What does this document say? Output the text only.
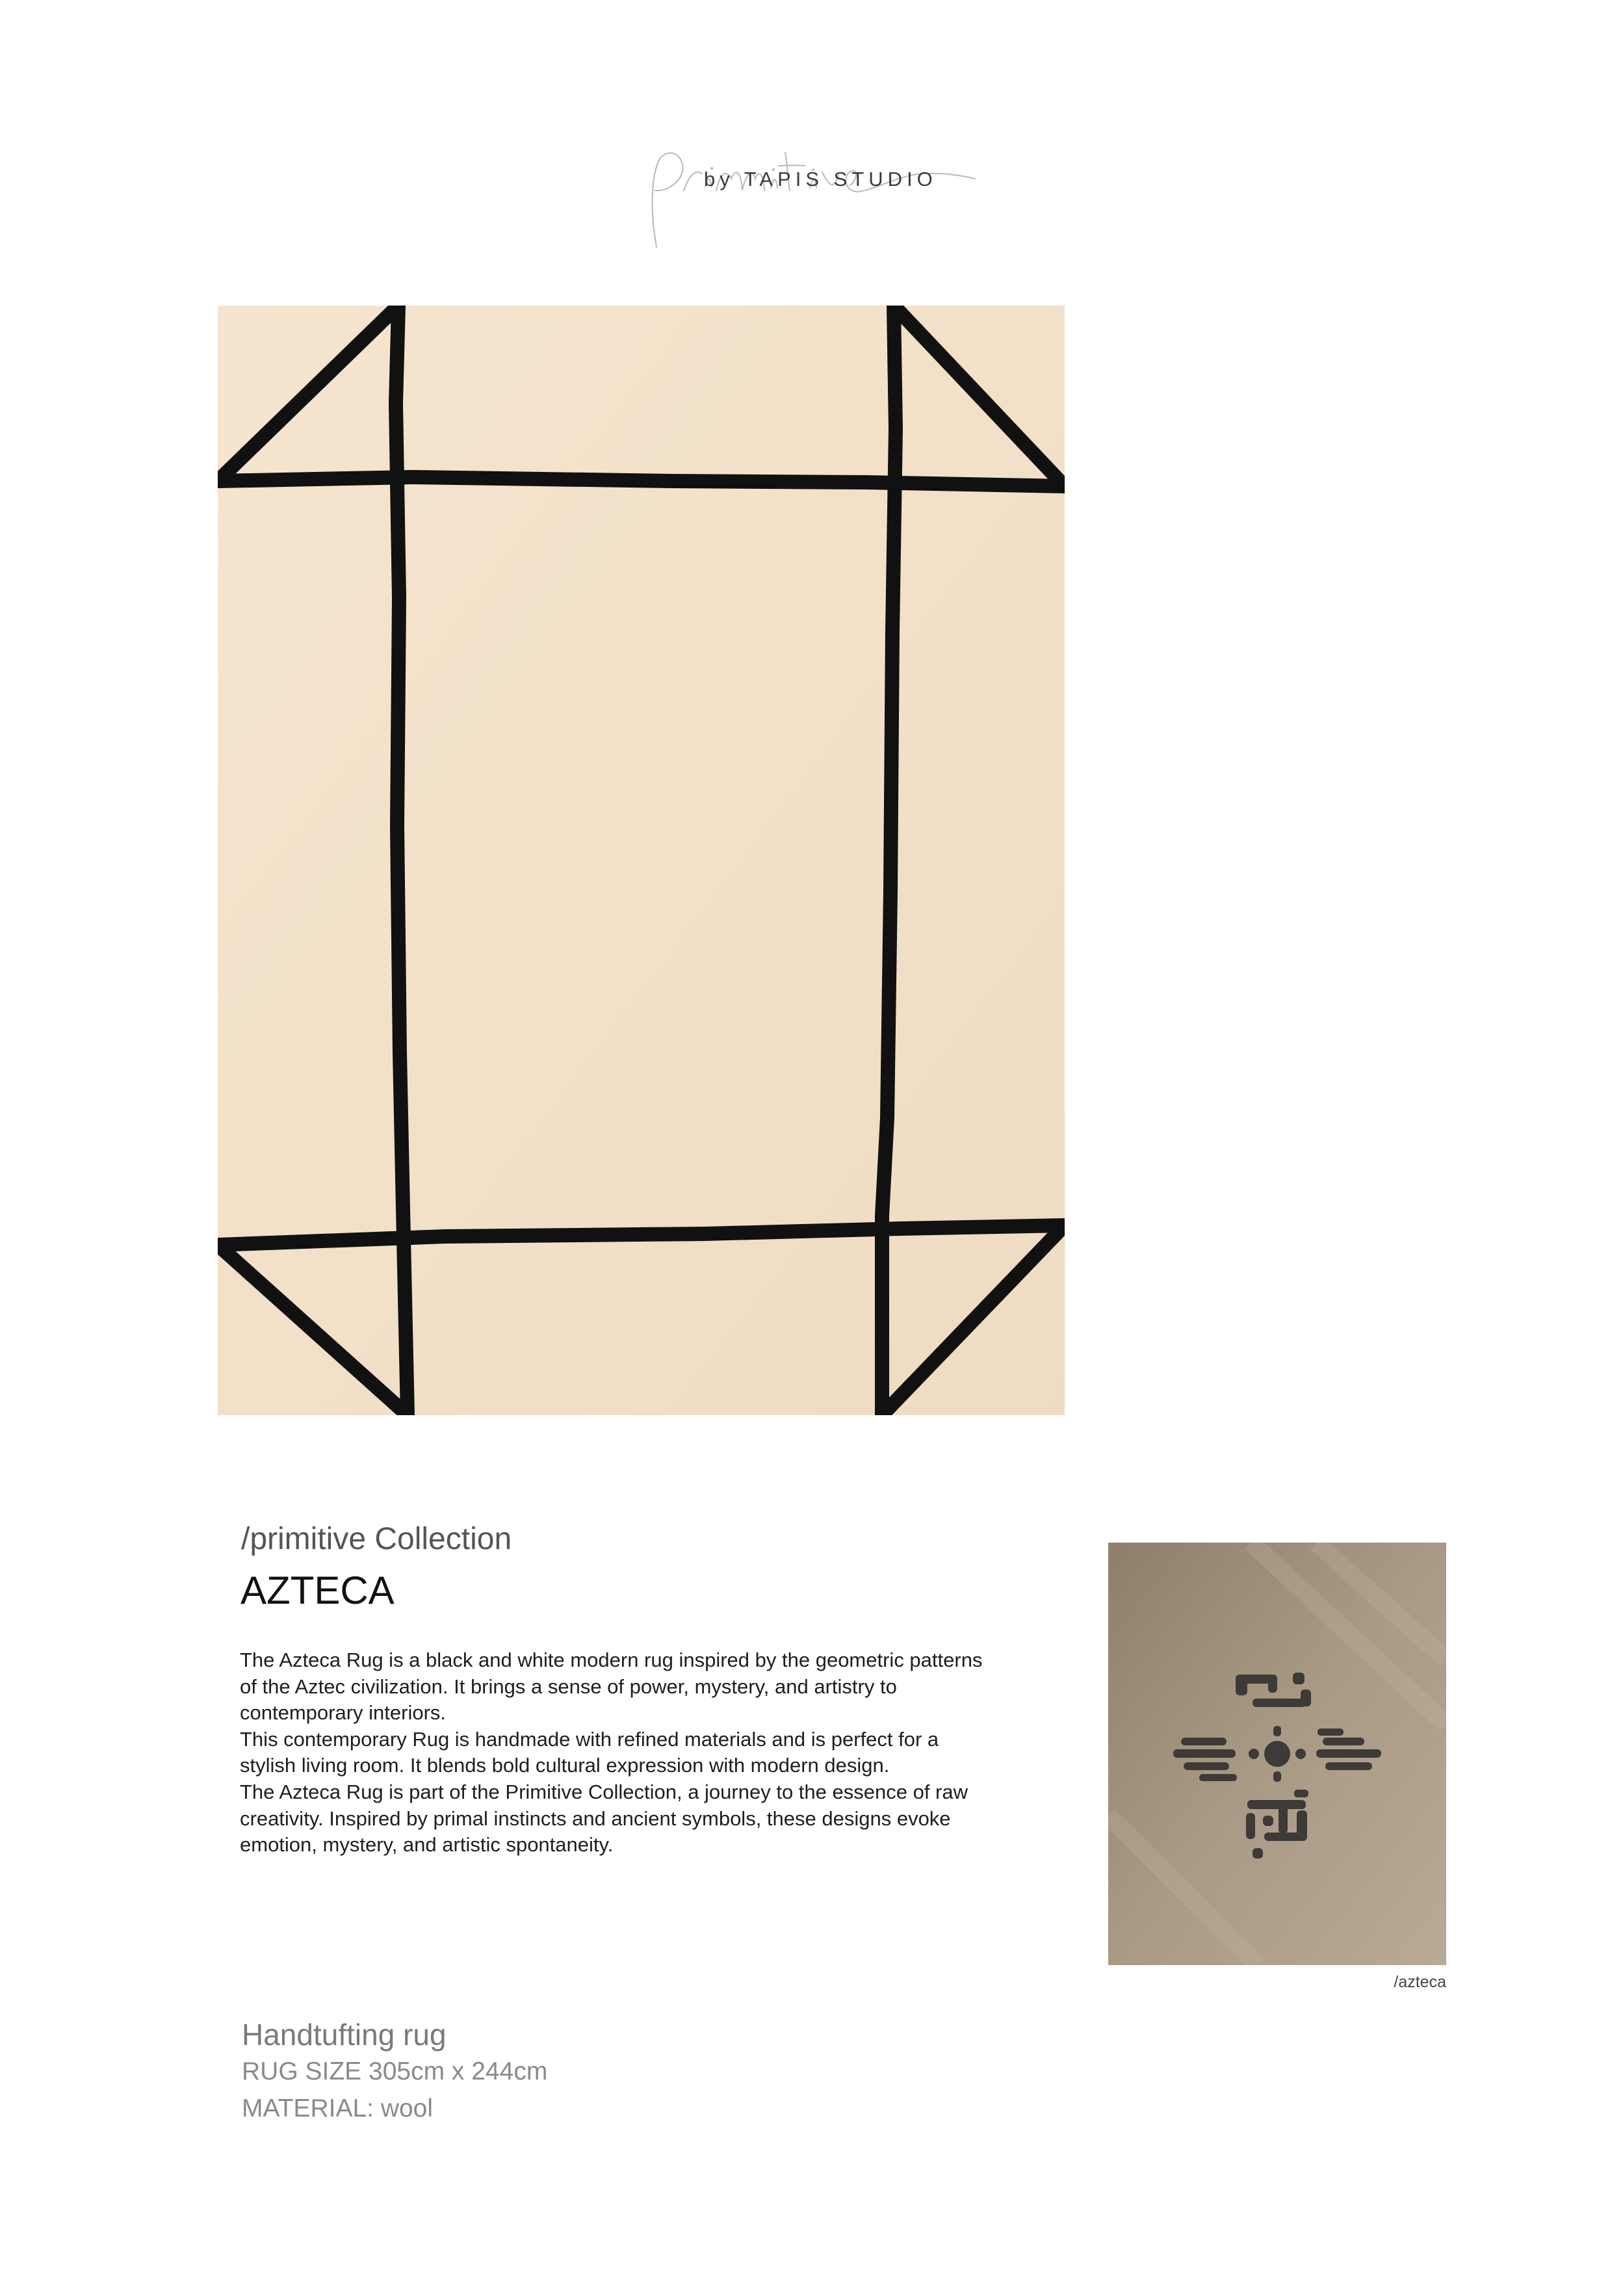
by TAPIS STUDIO
/primitive Collection
AZTECA

The Azteca Rug is a black and white modern rug inspired by the geometric patterns of the Aztec civilization. It brings a sense of power, mystery, and artistry to contemporary interiors.

This contemporary Rug is handmade with refined materials and is perfect for a stylish living room. It blends bold cultural expression with modern design.

The Azteca Rug is part of the Primitive Collection, a journey to the essence of raw creativity. Inspired by primal instincts and ancient symbols, these designs evoke emotion, mystery, and artistic spontaneity.

/azteca
Handtufting rug
RUG SIZE 305cm x 244cm
MATERIAL: wool
